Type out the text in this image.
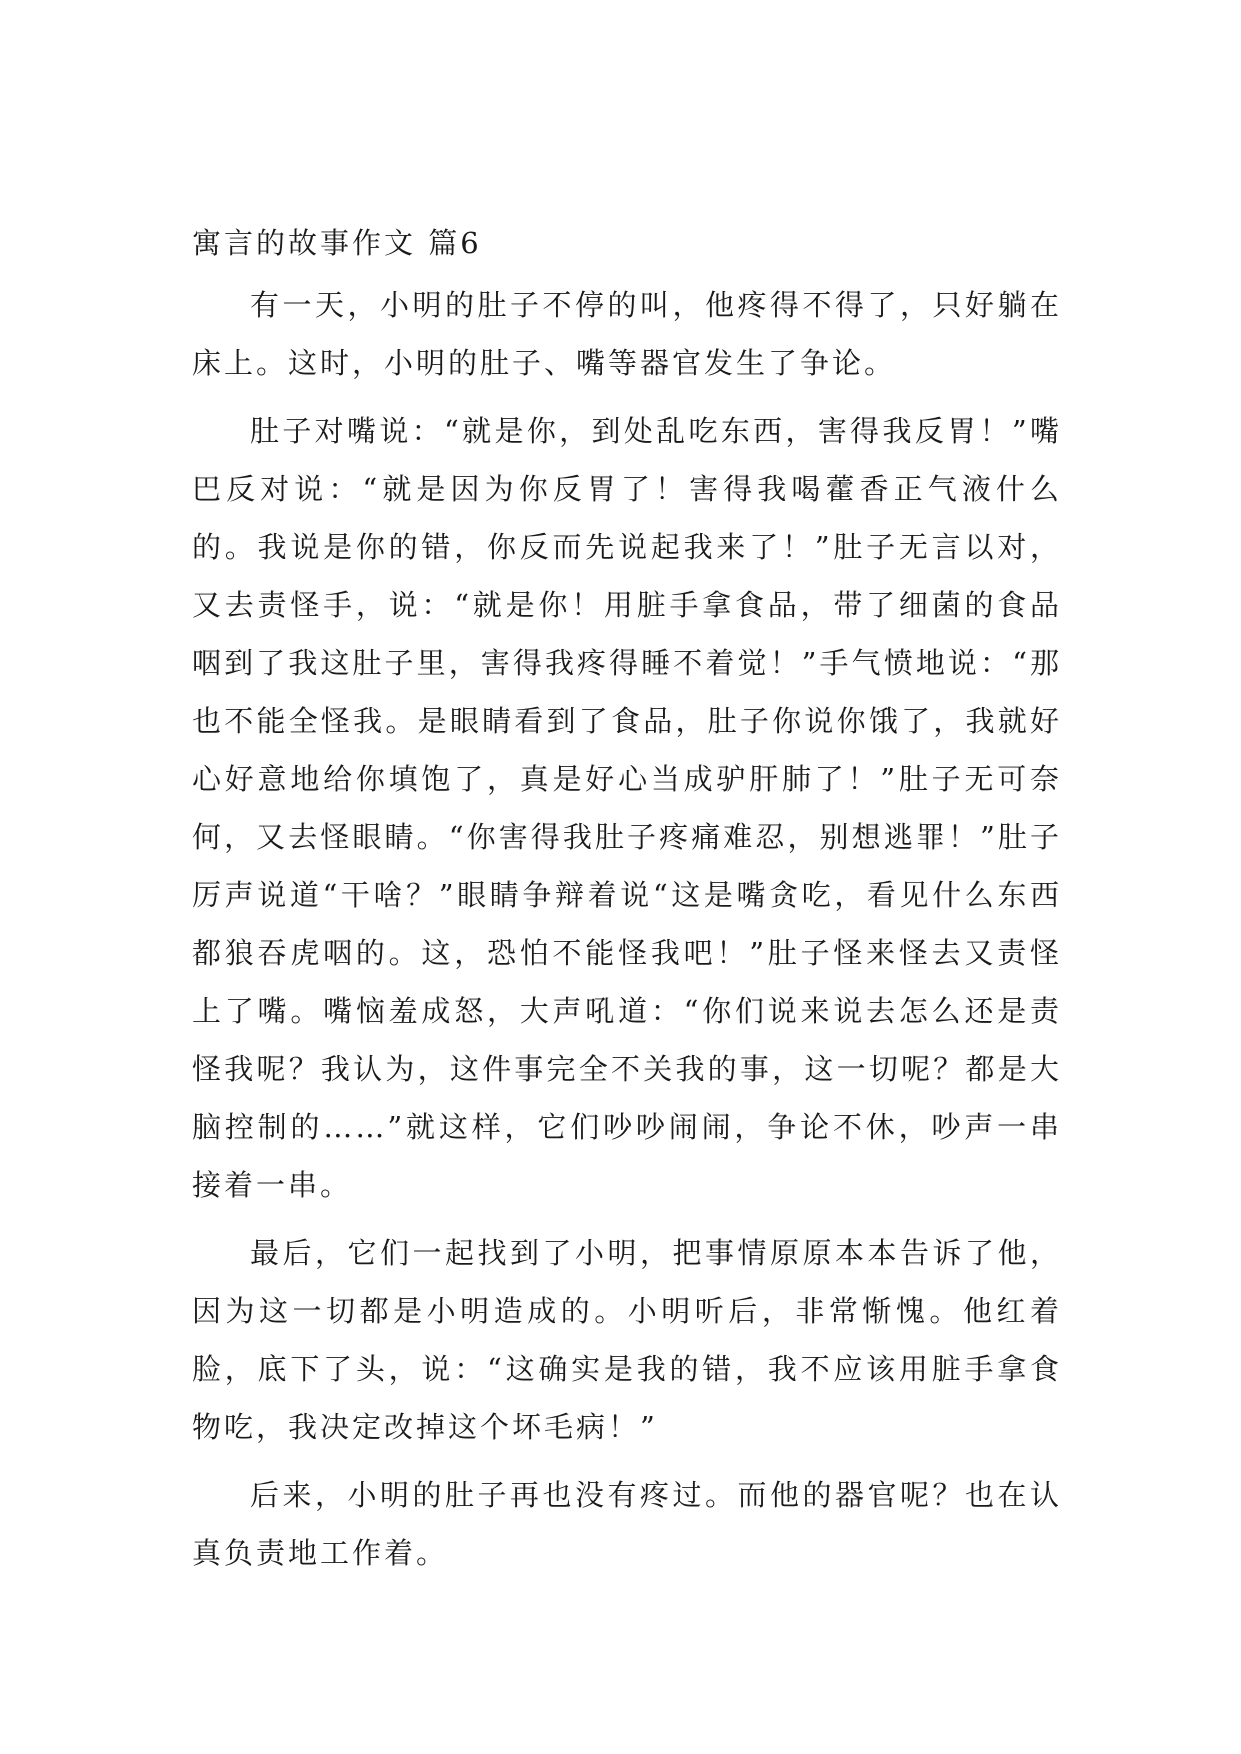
寓言的故事作文 篇6

有一天，小明的肚子不停的叫，他疼得不得了，只好躺在床上。这时，小明的肚子、嘴等器官发生了争论。

肚子对嘴说：“就是你，到处乱吃东西，害得我反胃！”嘴巴反对说：“就是因为你反胃了！害得我喝藿香正气液什么的。我说是你的错，你反而先说起我来了！”肚子无言以对，又去责怪手，说：“就是你！用脏手拿食品，带了细菌的食品咽到了我这肚子里，害得我疼得睡不着觉！”手气愤地说：“那也不能全怪我。是眼睛看到了食品，肚子你说你饿了，我就好心好意地给你填饱了，真是好心当成驴肝肺了！”肚子无可奈何，又去怪眼睛。“你害得我肚子疼痛难忍，别想逃罪！”肚子厉声说道“干啥？”眼睛争辩着说“这是嘴贪吃，看见什么东西都狼吞虎咽的。这，恐怕不能怪我吧！”肚子怪来怪去又责怪上了嘴。嘴恼羞成怒，大声吼道：“你们说来说去怎么还是责怪我呢？我认为，这件事完全不关我的事，这一切呢？都是大脑控制的……”就这样，它们吵吵闹闹，争论不休，吵声一串接着一串。

最后，它们一起找到了小明，把事情原原本本告诉了他，因为这一切都是小明造成的。小明听后，非常惭愧。他红着脸，底下了头，说：“这确实是我的错，我不应该用脏手拿食物吃，我决定改掉这个坏毛病！”

后来，小明的肚子再也没有疼过。而他的器官呢？也在认真负责地工作着。
